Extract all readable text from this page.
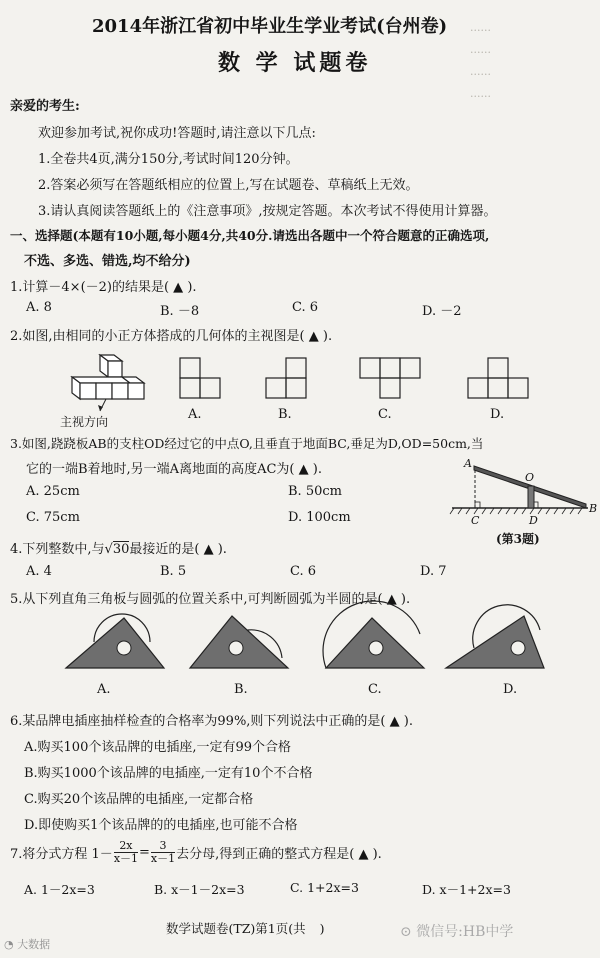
······
······
······
······
2014年浙江省初中毕业生学业考试(台州卷)
数 学 试题卷
亲爱的考生:
欢迎参加考试,祝你成功!答题时,请注意以下几点:
1.全卷共4页,满分150分,考试时间120分钟。
2.答案必须写在答题纸相应的位置上,写在试题卷、草稿纸上无效。
3.请认真阅读答题纸上的《注意事项》,按规定答题。本次考试不得使用计算器。
一、选择题(本题有10小题,每小题4分,共40分.请选出各题中一个符合题意的正确选项,
不选、多选、错选,均不给分)
1.计算－4×(－2)的结果是( ▲ ).
A. 8	B. －8	C. 6	D. －2
2.如图,由相同的小正方体搭成的几何体的主视图是( ▲ ).
主视方向	A.	B.	C.	D.
3.如图,跷跷板AB的支柱OD经过它的中点O,且垂直于地面BC,垂足为D,OD=50cm,当
它的一端B着地时,另一端A离地面的高度AC为( ▲ ).
A. 25cm	B. 50cm
C. 75cm	D. 100cm
A
O
C	D
B
(第3题)
4.下列整数中,与√30最接近的是( ▲ ).
A. 4	B. 5	C. 6	D. 7
5.从下列直角三角板与圆弧的位置关系中,可判断圆弧为半圆的是( ▲ ).
A.	B.	C.	D.
6.某品牌电插座抽样检查的合格率为99%,则下列说法中正确的是( ▲ ).
A.购买100个该品牌的电插座,一定有99个合格
B.购买1000个该品牌的电插座,一定有10个不合格
C.购买20个该品牌的电插座,一定都合格
D.即使购买1个该品牌的的电插座,也可能不合格
7.将分式方程 $1- \frac{2x}{x-1} = \frac{3}{x-1}$ 去分母,得到正确的整式方程是( ▲ ).
A. 1－2x=3	B. x－1－2x=3	C. 1+2x=3	D. x－1+2x=3
数学试题卷(TZ)第1页(共 )
◔ 大数据
⊙ 微信号:HB中学
